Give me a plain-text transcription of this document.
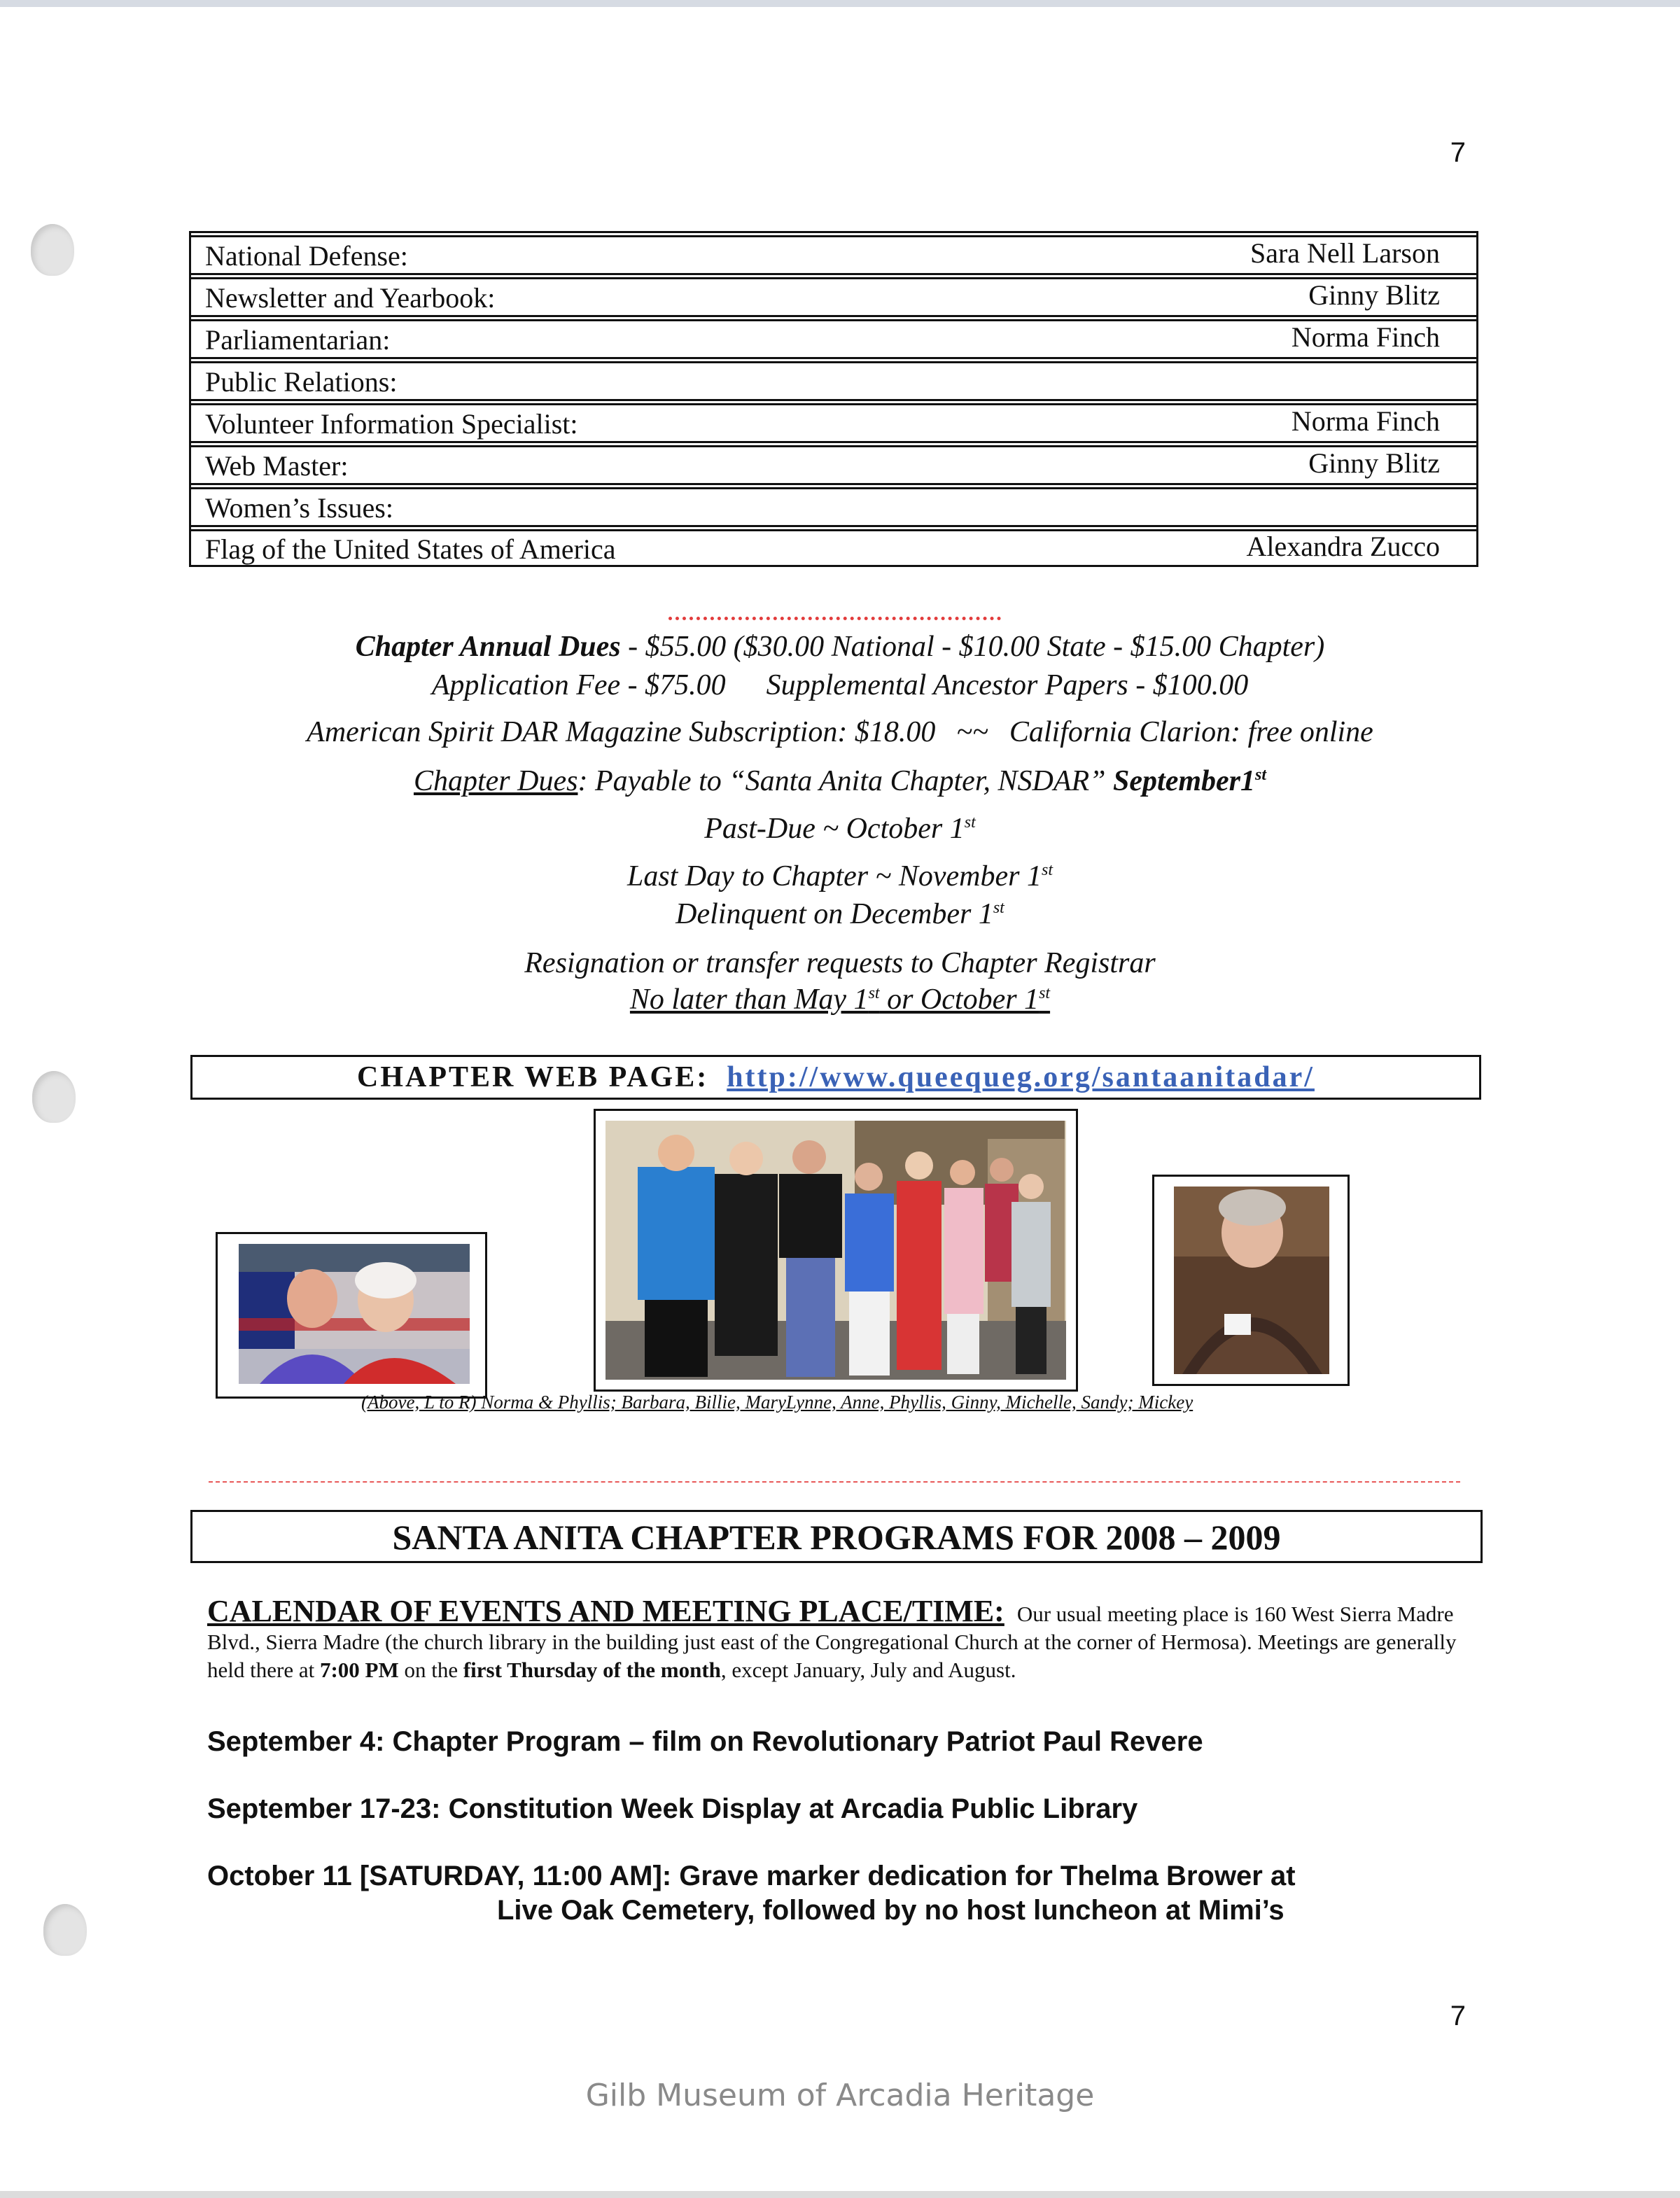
7
National Defense:	Sara Nell Larson
Newsletter and Yearbook:	Ginny Blitz
Parliamentarian:	Norma Finch
Public Relations:
Volunteer Information Specialist:	Norma Finch
Web Master:	Ginny Blitz
Women’s Issues:
Flag of the United States of America	Alexandra Zucco
Chapter Annual Dues - $55.00 ($30.00 National - $10.00 State - $15.00 Chapter)
Application Fee - $75.00 Supplemental Ancestor Papers - $100.00
American Spirit DAR Magazine Subscription: $18.00 ~~ California Clarion: free online
Chapter Dues: Payable to “Santa Anita Chapter, NSDAR” September1st
Past-Due ~ October 1st
Last Day to Chapter ~ November 1st
Delinquent on December 1st
Resignation or transfer requests to Chapter Registrar
No later than May 1st or October 1st
CHAPTER WEB PAGE: http://www.queequeg.org/santaanitadar/
(Above, L to R) Norma & Phyllis; Barbara, Billie, MaryLynne, Anne, Phyllis, Ginny, Michelle, Sandy; Mickey
SANTA ANITA CHAPTER PROGRAMS FOR 2008 – 2009
CALENDAR OF EVENTS AND MEETING PLACE/TIME: Our usual meeting place is 160 West Sierra Madre Blvd., Sierra Madre (the church library in the building just east of the Congregational Church at the corner of Hermosa). Meetings are generally held there at 7:00 PM on the first Thursday of the month, except January, July and August.
September 4: Chapter Program – film on Revolutionary Patriot Paul Revere
September 17-23: Constitution Week Display at Arcadia Public Library
October 11 [SATURDAY, 11:00 AM]: Grave marker dedication for Thelma Brower at
Live Oak Cemetery, followed by no host luncheon at Mimi’s
7
Gilb Museum of Arcadia Heritage
